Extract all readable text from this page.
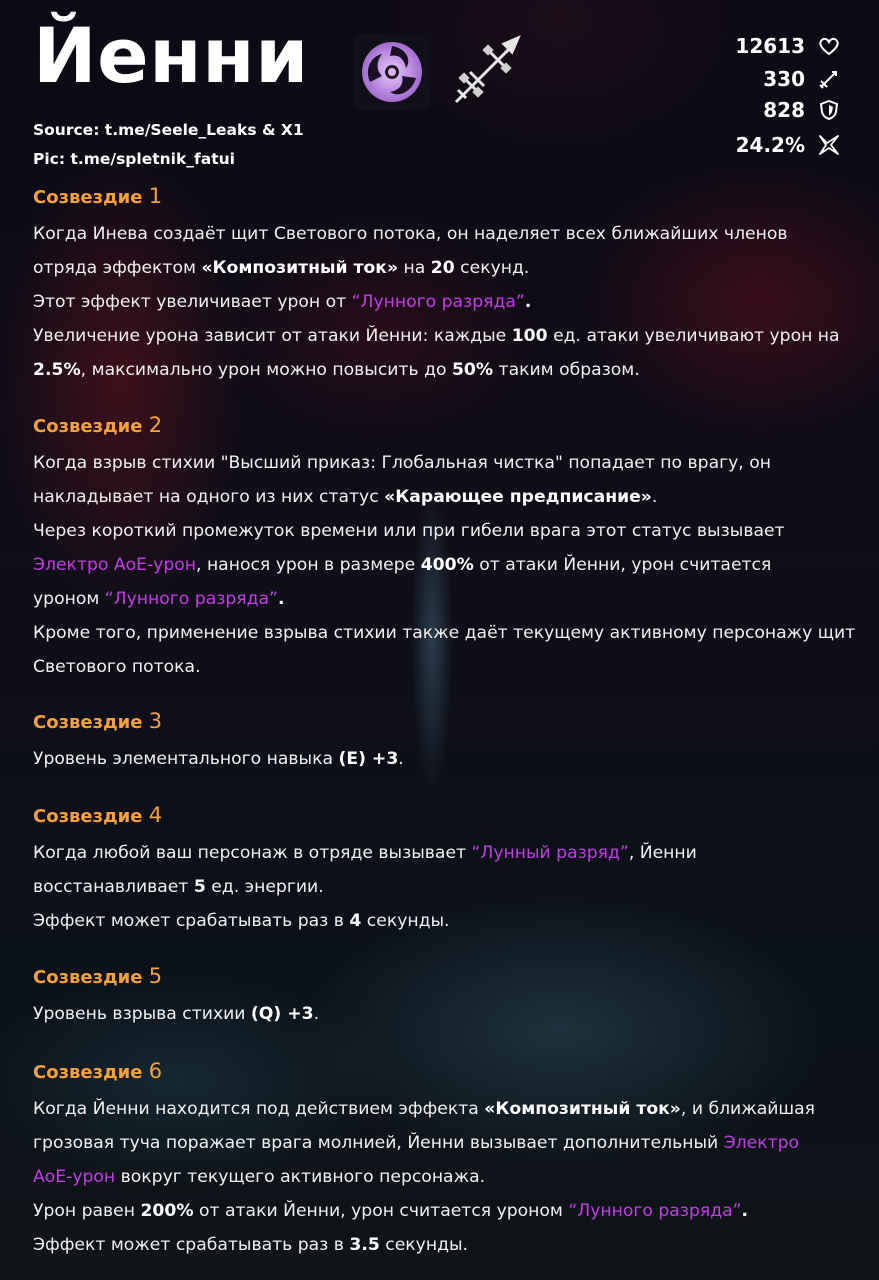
Йенни
Source: t.me/Seele_Leaks & X1
Pic: t.me/spletnik_fatui
12613
330
828
24.2%
Созвездие 1
Когда Инева создаёт щит Светового потока, он наделяет всех ближайших членов
отряда эффектом «Композитный ток» на 20 секунд.
Этот эффект увеличивает урон от “Лунного разряда”.
Увеличение урона зависит от атаки Йенни: каждые 100 ед. атаки увеличивают урон на
2.5%, максимально урон можно повысить до 50% таким образом.
Созвездие 2
Когда взрыв стихии "Высший приказ: Глобальная чистка" попадает по врагу, он
накладывает на одного из них статус «Карающее предписание».
Через короткий промежуток времени или при гибели врага этот статус вызывает
Электро АоЕ-урон, нанося урон в размере 400% от атаки Йенни, урон считается
уроном “Лунного разряда”.
Кроме того, применение взрыва стихии также даёт текущему активному персонажу щит
Светового потока.
Созвездие 3
Уровень элементального навыка (E) +3.
Созвездие 4
Когда любой ваш персонаж в отряде вызывает “Лунный разряд”, Йенни
восстанавливает 5 ед. энергии.
Эффект может срабатывать раз в 4 секунды.
Созвездие 5
Уровень взрыва стихии (Q) +3.
Созвездие 6
Когда Йенни находится под действием эффекта «Композитный ток», и ближайшая
грозовая туча поражает врага молнией, Йенни вызывает дополнительный Электро
АоЕ-урон вокруг текущего активного персонажа.
Урон равен 200% от атаки Йенни, урон считается уроном “Лунного разряда”.
Эффект может срабатывать раз в 3.5 секунды.
